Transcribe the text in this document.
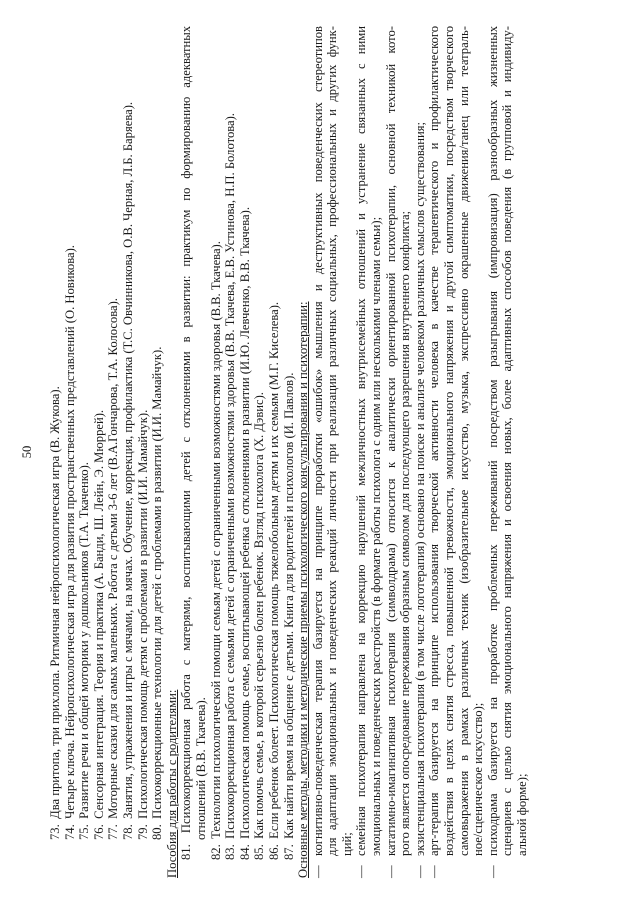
50
73. Два притопа, три прихлопа. Ритмичная нейропсихологическая игра (В. Жукова).
74. Четыре ключа. Нейропсихологическая игра для развития пространственных представлений (О. Новикова).
75. Развитие речи и общей моторики у дошкольников (Т.А. Ткаченко).
76. Сенсорная интеграция. Теория и практика (А. Банди, Ш. Лейн, Э. Мюррей).
77. Моторные сказки для самых маленьких. Работа с детьми 3-6 лет (В.А.Гончарова, Т.А. Колосова).
78. Занятия, упражнения и игры с мячами, на мячах. Обучение, коррекция, профилактика (Т.С. Овчинникова, О.В. Черная, Л.Б. Баряева).
79. Психологическая помощь детям с проблемами в развитии (И.И. Мамайчук).
80. Психокоррекционные технологии для детей с проблемами в развитии (И.И. Мамайчук). Пособия для работы с родителями: 81. Психокоррекционная работа с матерями, воспитывающими детей с отклонениями в развитии: практикум по формированию адекватных отношений (В.В. Ткачева).
82. Технологии психологической помощи семьям детей с ограниченными возможностями здоровья (В.В. Ткачева).
83. Психокоррекционная работа с семьями детей с ограниченными возможностями здоровья (В.В. Ткачева, Е.В. Устинова, Н.П. Болотова).
84. Психологическая помощь семье, воспитывающей ребенка с отклонениями в развитии (И.Ю. Левченко, В.В. Ткачева).
85. Как помочь семье, в которой серьезно болен ребенок. Взгляд психолога (Х. Дэвис).
86. Если ребенок болеет. Психологическая помощь тяжелобольным детям и их семьям (М.Г. Киселева).
87. Как найти время на общение с детьми. Книга для родителей и психологов (И. Павлов). Основные методы, методики и методические приемы психологического консультирования и психотерапии: —
когнитивно-поведенческая терапия базируется на принципе проработки «ошибок» мышления и деструктивных поведенческих стереотипов для адаптации эмоциональных и поведенческих реакций личности при реализации различных социальных, профессиональных и других функ- ций;
—
семейная психотерапия направлена на коррекцию нарушений межличностных внутрисемейных отношений и устранение связанных с ними эмоциональных и поведенческих расстройств (в формате работы психолога с одним или несколькими членами семьи);
—
кататимно-имагинативная психотерапия (символдрама) относится к аналитически ориентированной психотерапии, основной техникой кото- рого является опосредование переживания образным символом для последующего разрешения внутреннего конфликта;
—
экзистенциальная психотерапия (в том числе логотерапия) основано на поиске и анализе человеком различных смыслов существования;
—
арт-терапия базируется на принципе использования творческой активности человека в качестве терапевтического и профилактического воздействия в целях снятия стресса, повышенной тревожности, эмоционального напряжения и другой симптоматики, посредством творческого самовыражения в рамках различных техник (изобразительное искусство, музыка, экспрессивно окрашенные движения/танец или театраль- ное/сценическое искусство);
—
психодрама базируется на проработке проблемных переживаний посредством разыгрывания (импровизация) разнообразных жизненных сценариев с целью снятия эмоционального напряжения и освоения новых, более адаптивных способов поведения (в групповой и индивиду- альной форме);
